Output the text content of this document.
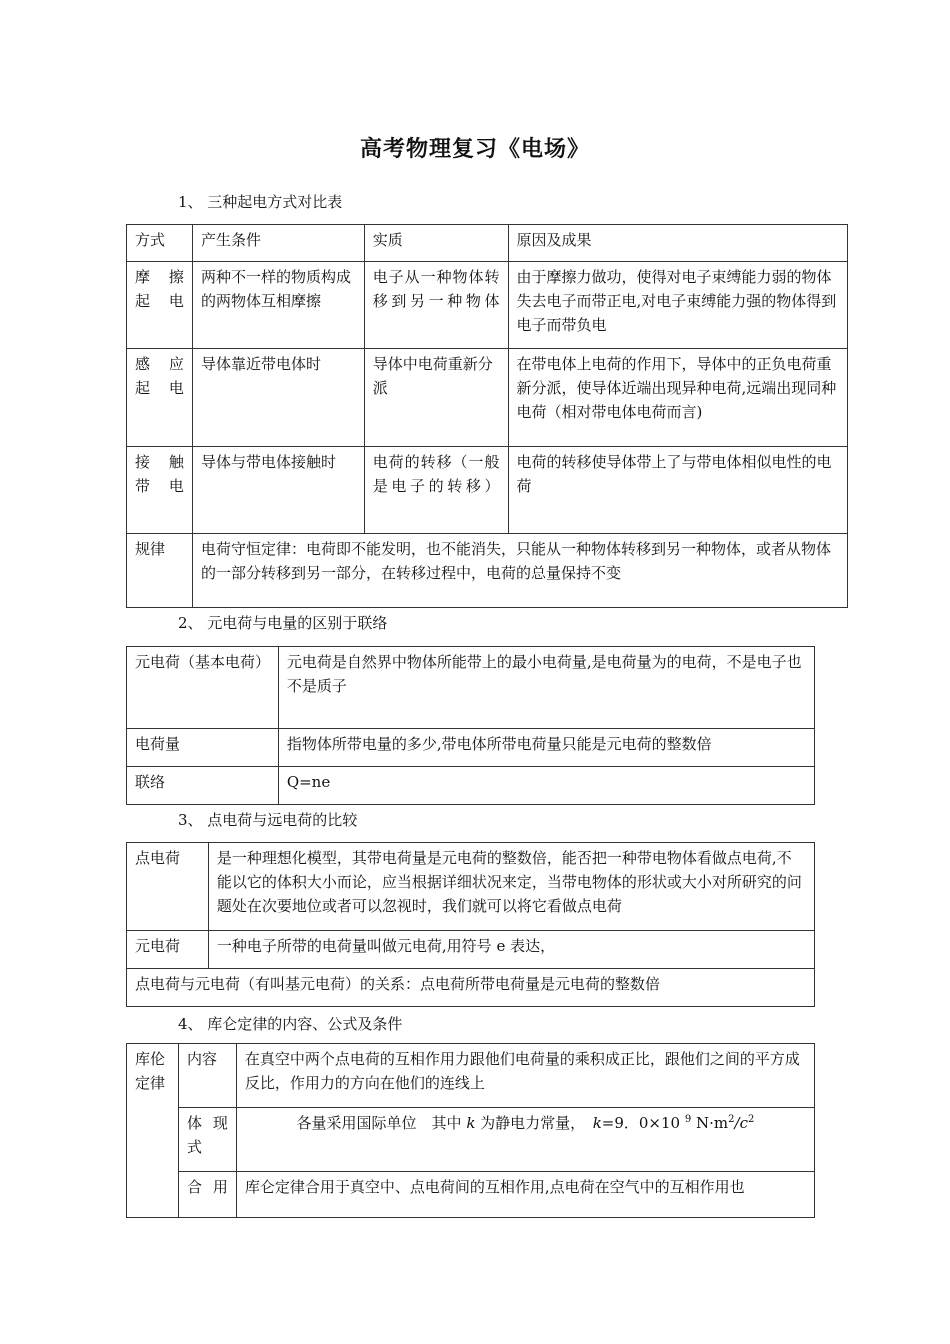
高考物理复习《电场》
1、 三种起电方式对比表
方式	产生条件	实质	原因及成果
摩 擦 起电	两种不一样的物质构成的两物体互相摩擦	电子从一种物体转移到另一种物体	由于摩擦力做功，使得对电子束缚能力弱的物体失去电子而带正电,对电子束缚能力强的物体得到电子而带负电
感 应 起电	导体靠近带电体时	导体中电荷重新分派	在带电体上电荷的作用下，导体中的正负电荷重新分派，使导体近端出现异种电荷,远端出现同种电荷（相对带电体电荷而言)
接 触 带电	导体与带电体接触时	电荷的转移（一般是电子的转移）	电荷的转移使导体带上了与带电体相似电性的电荷
规律	电荷守恒定律：电荷即不能发明，也不能消失，只能从一种物体转移到另一种物体，或者从物体的一部分转移到另一部分，在转移过程中，电荷的总量保持不变		
2、 元电荷与电量的区别于联络
元电荷（基本电荷）	元电荷是自然界中物体所能带上的最小电荷量,是电荷量为的电荷，不是电子也不是质子
电荷量	指物体所带电量的多少,带电体所带电荷量只能是元电荷的整数倍
联络	Q=ne
3、 点电荷与远电荷的比较
点电荷	是一种理想化模型，其带电荷量是元电荷的整数倍，能否把一种带电物体看做点电荷,不能以它的体积大小而论，应当根据详细状况来定，当带电物体的形状或大小对所研究的问题处在次要地位或者可以忽视时，我们就可以将它看做点电荷
元电荷	一种电子所带的电荷量叫做元电荷,用符号 e 表达，
点电荷与元电荷（有叫基元电荷）的关系：点电荷所带电荷量是元电荷的整数倍	
4、 库仑定律的内容、公式及条件
库伦定律	内容	在真空中两个点电荷的互相作用力跟他们电荷量的乘积成正比，跟他们之间的平方成反比，作用力的方向在他们的连线上
	体 现 式	各量采用国际单位　其中 k 为静电力常量，　k=9．0×10 $^9$ $N\cdot m^2/c^2$
	合 用	库仑定律合用于真空中、点电荷间的互相作用,点电荷在空气中的互相作用也
